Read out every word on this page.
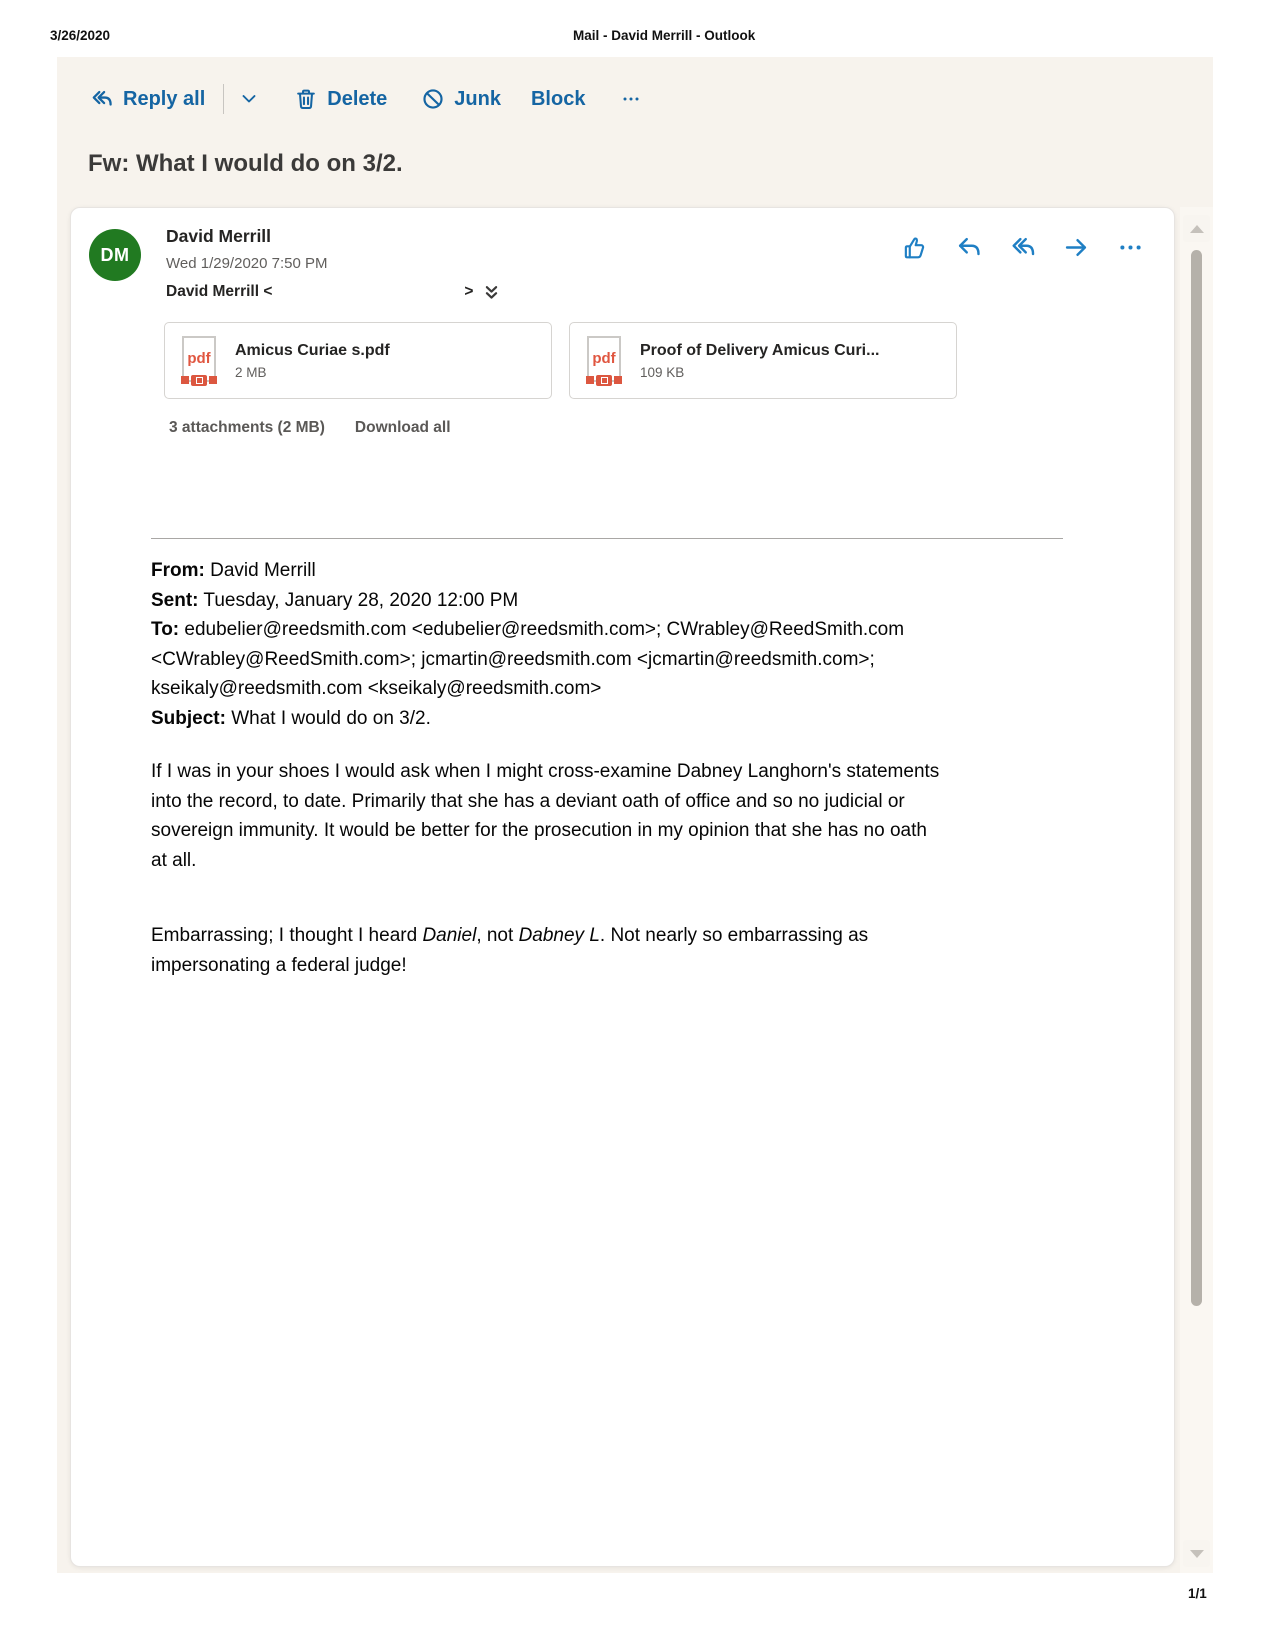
3/26/2020	Mail - David Merrill - Outlook
Reply all	Delete	Junk Block
Fw: What I would do on 3/2.
DM
David Merrill
Wed 1/29/2020 7:50 PM
David Merrill <	>
pdf	Amicus Curiae s.pdf
2 MB
pdf	Proof of Delivery Amicus Curi...
109 KB
3 attachments (2 MB) Download all
From: David Merrill
Sent: Tuesday, January 28, 2020 12:00 PM
To: edubelier@reedsmith.com <edubelier@reedsmith.com>; CWrabley@ReedSmith.com
<CWrabley@ReedSmith.com>; jcmartin@reedsmith.com <jcmartin@reedsmith.com>;
kseikaly@reedsmith.com <kseikaly@reedsmith.com>
Subject: What I would do on 3/2.
If I was in your shoes I would ask when I might cross-examine Dabney Langhorn's statements
into the record, to date. Primarily that she has a deviant oath of office and so no judicial or
sovereign immunity. It would be better for the prosecution in my opinion that she has no oath
at all.
Embarrassing; I thought I heard Daniel, not Dabney L. Not nearly so embarrassing as
impersonating a federal judge!
1/1
